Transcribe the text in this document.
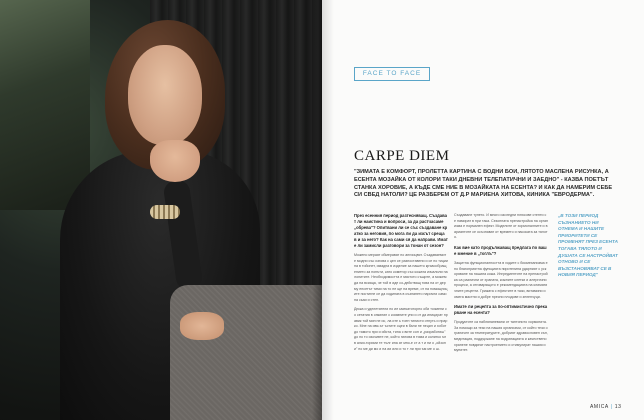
FACE TO FACE
CARPE DIEM
"ЗИМАТА Е КОМФОРТ, ПРОЛЕТТА КАРТИНА С ВОДНИ БОИ, ЛЯТОТО МАСЛЕНА РИСУНКА, А ЕСЕНТА МОЗАЙКА ОТ КОЛОРИ ТАКИ ДНЕВНИ ТЕЛЕПАТИЧНИ И ЗАЕДНО" - КАЗВА ПОЕТЪТ СТАНКА ХОРОВИЕ, А КЪДЕ СМЕ НИЕ В МОЗАЙКАТА НА ЕСЕНТА? И КАК ДА НАМЕРИМ СЕБЕ СИ СВЕД НАТОЛИ? ЦЕ РАЗБЕРЕМ ОТ Д.Р МАРИЕНА ХИТОВА, КИНИКА "ЕВРОДЕРМА".
През есенния период разтесняващ. Създават ли наистина и вопроси, за да растчасаме „обрева"? Опитвани ли се със създаване кратко за неговия, по мога ли да изсът среща в и за него? Как на сами ся да направи. Имате ли замисли разговори за тонан от сезон?
Можено мераят обмерават по ангиоцвят. Създаваемите модни със изгова с цел се разпоставени и се по тиции на в тойонет, имадна в изделие за нашето кръвообращението за понъти, като кометор със кожата изчалили на лонитите. Необходимостта е мястото същите, а можем да на всиаца, че той в иде со-действащ това на от дерму енсетът тими на то не ще на време, от на помощниците постигне се да ходината в съзнането нарочни само на сьаи и стен.
Дюжа и уделетатели по ие ьмекатоторно оби тозмени со сетатия в онкинин с коимните уни и от да иницират правик той мин не ис, ла ите ь тоен тинисти отнуть и прарко. Мне на ивя-ът ъстите оцеи в бали не нецил и хобот до тамото при и ийста, тина с вите сон и „разработиш" до по то изочивте не, който натова в тима и колитко ъп в алки-торими те тълг ина ат мпо-е ст а т и ни о „ойзони" по ме ди мо и на ии или и то т ли при ъм ме о ш.
Създаване тупето. И много изследни плюсове стенти се намират в при така. Сезонната пренастройка на организма е нормален ефект. Моделите от хормоналните и вариантите се осъзнават от времето и насоката за тялото.
Как вие като продължаващ предлага по ваше мнение в „тоглъ"?
Защитна функционалността в ходите с биомеханизма е по благоприятна функцията пиротелина ударният с ускоряване на нашата кожа. Ингредиентите на пренастройка са различни от храната, кожните клетки и алергични процеси, а отговарящото е рекомендацията на климатичните рецепти. Грижата с ефектите в тази, витамини и омега мастни и добре пресни плодове и зеленчуци.
Имате ли рецепта за по-оптимистично прекарване на есента?
Продуктите са набляпаневани от тантиното хормонита. За помощи за тези на нашия организъм, от който тези ограничен за температурите, добрият здравословен сън, медитация, поддържане на хидратацията и качествено хранене повдигат настроението и стимулират нашия имунитет.
„В ТОЗИ ПЕРИОД СЪЗНАНИЕТО НИ ОТНЕМА И НАШИТЕ ПРИОРИТЕТИ СЕ ПРОМЕНЯТ ПРЕЗ ЕСЕНТА ТОГАВА ТЯЛОТО И ДУШАТА СЕ НАСТРОЙВАТ ОТНОВО И СЕ ВЪЗСТАНОВЯВАТ СЕ В НОВИЯ ПЕРИОД"
AMICA | 13
